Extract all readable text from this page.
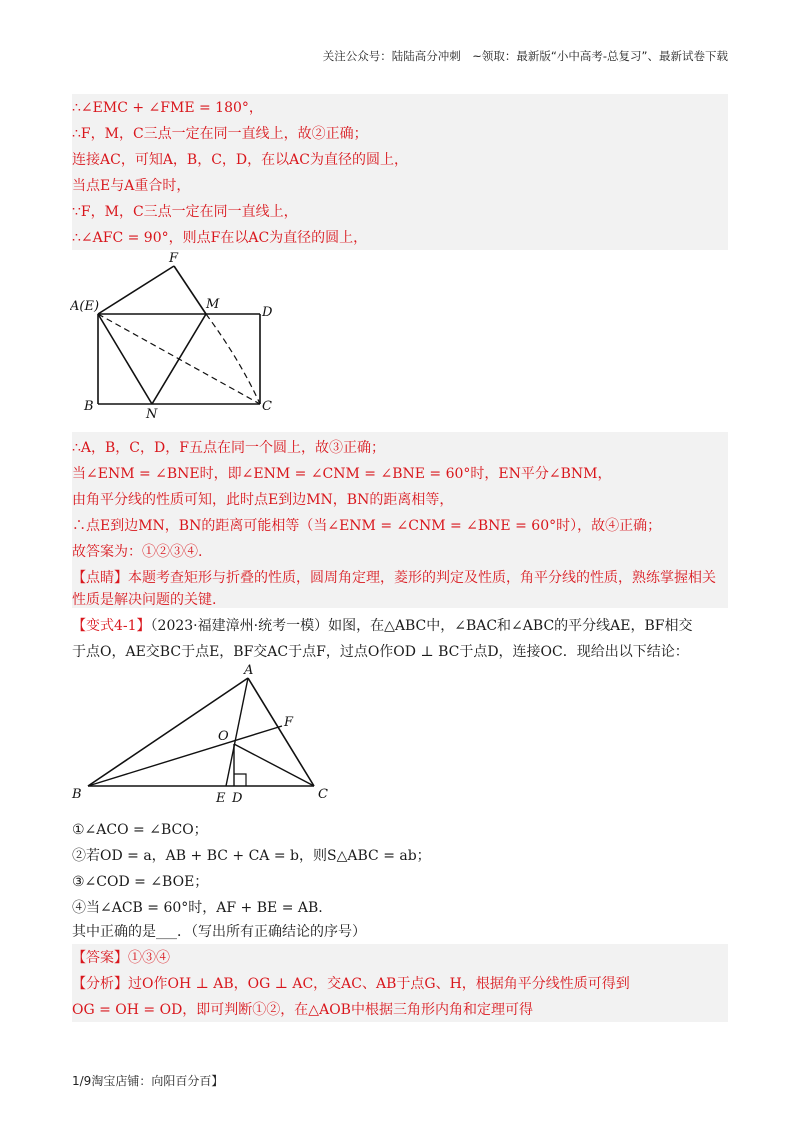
关注公众号：陆陆高分冲刺　~领取：最新版“小中高考-总复习”、最新试卷下载
∴∠EMC + ∠FME = 180°，
∴F，M，C三点一定在同一直线上，故②正确；
连接AC，可知A，B，C，D，在以AC为直径的圆上，
当点E与A重合时，
∵F，M，C三点一定在同一直线上，
∴∠AFC = 90°，则点F在以AC为直径的圆上，
A(E)
F
M
D
B
N
C
∴A，B，C，D，F五点在同一个圆上，故③正确；
当∠ENM = ∠BNE时，即∠ENM = ∠CNM = ∠BNE = 60°时，EN平分∠BNM，
由角平分线的性质可知，此时点E到边MN，BN的距离相等，
∴点E到边MN，BN的距离可能相等（当∠ENM = ∠CNM = ∠BNE = 60°时），故④正确；
故答案为：①②③④.
【点睛】本题考查矩形与折叠的性质，圆周角定理，菱形的判定及性质，角平分线的性质，熟练掌握相关
性质是解决问题的关键.
【变式4-1】（2023·福建漳州·统考一模）如图，在△ABC中，∠BAC和∠ABC的平分线AE，BF相交
于点O，AE交BC于点E，BF交AC于点F，过点O作OD ⊥ BC于点D，连接OC．现给出以下结论：
A
B	C
O
F
E D
①∠ACO = ∠BCO；
②若OD = a，AB + BC + CA = b，则S△ABC = ab；
③∠COD = ∠BOE；
④当∠ACB = 60°时，AF + BE = AB.
其中正确的是___．（写出所有正确结论的序号）
【答案】①③④
【分析】过O作OH ⊥ AB，OG ⊥ AC，交AC、AB于点G、H，根据角平分线性质可得到
OG = OH = OD，即可判断①②，在△AOB中根据三角形内角和定理可得
1/9淘宝店铺：向阳百分百】
